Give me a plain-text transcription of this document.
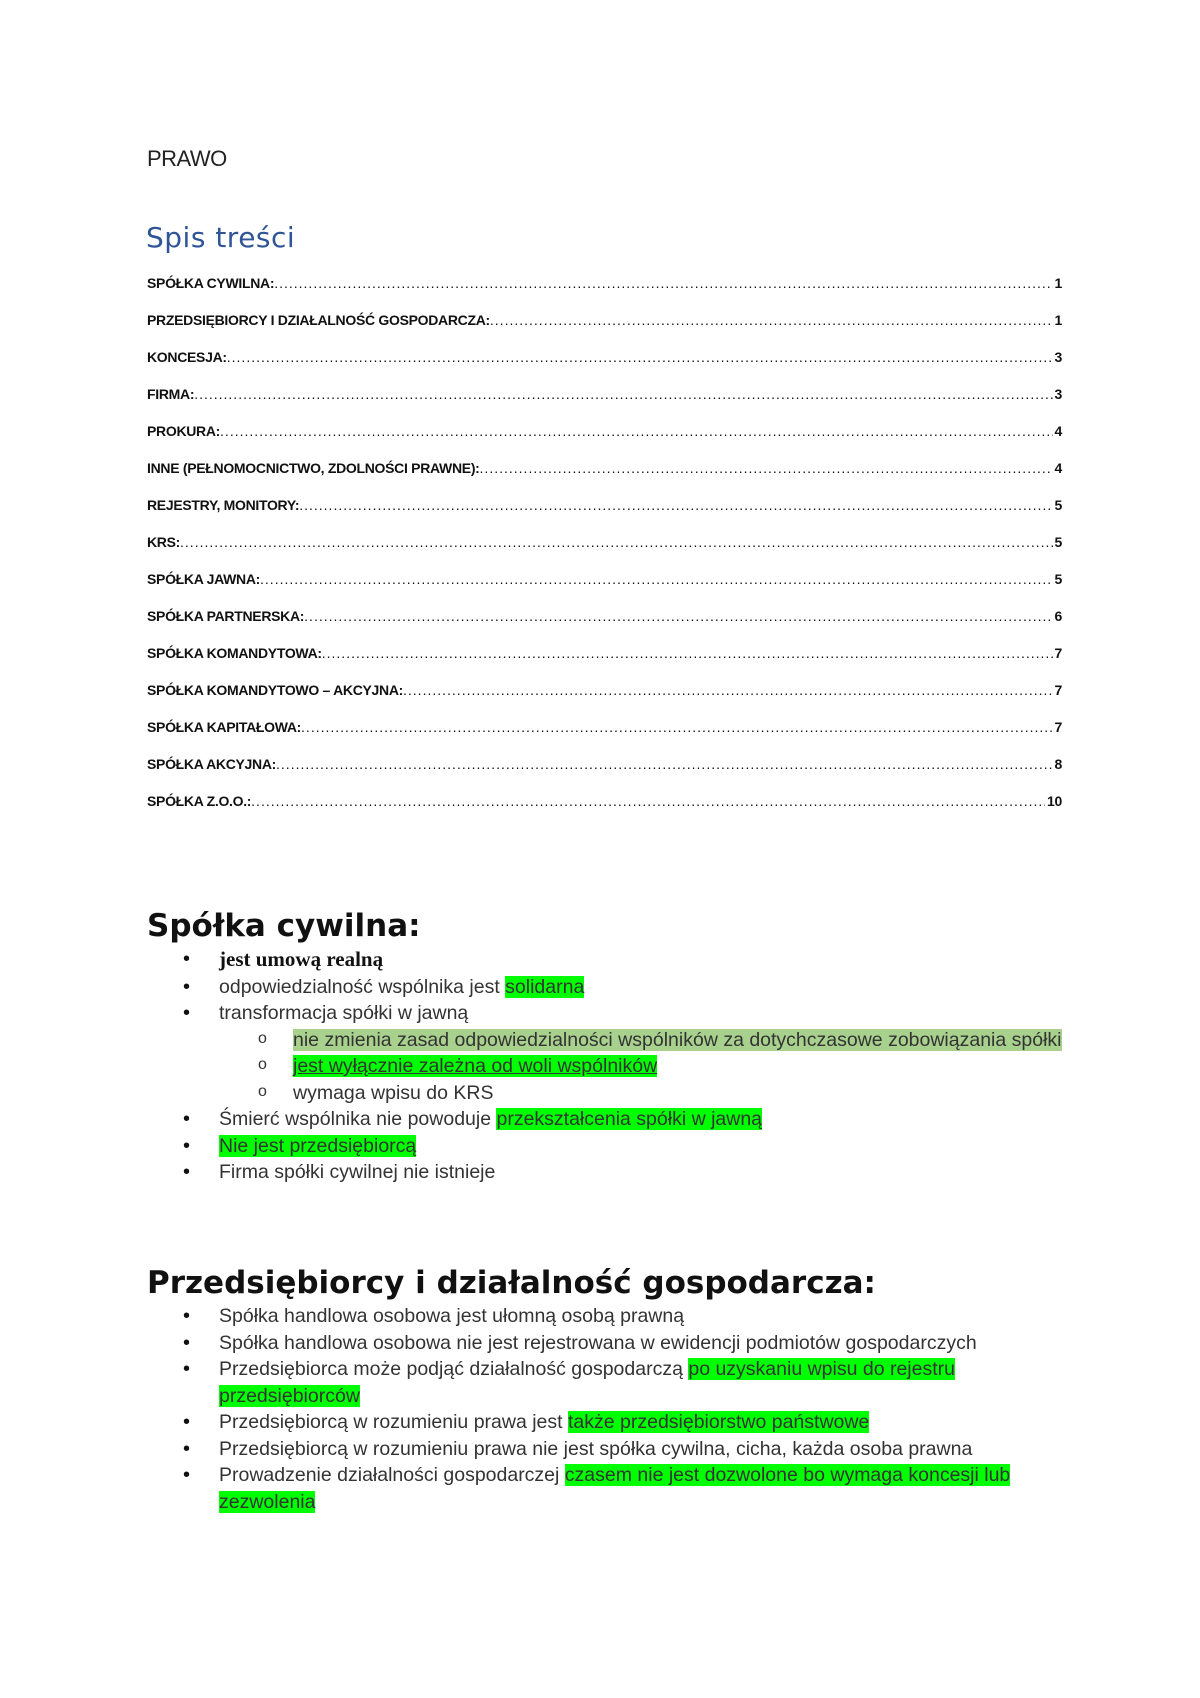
PRAWO
Spis treści
SPÓŁKA CYWILNA: .....	1
PRZEDSIĘBIORCY I DZIAŁALNOŚĆ GOSPODARCZA: .....	1
KONCESJA: .....	3
FIRMA: .....	3
PROKURA: .....	4
INNE (PEŁNOMOCNICTWO, ZDOLNOŚCI PRAWNE): .....	4
REJESTRY, MONITORY: .....	5
KRS: .....	5
SPÓŁKA JAWNA: .....	5
SPÓŁKA PARTNERSKA: .....	6
SPÓŁKA KOMANDYTOWA: .....	7
SPÓŁKA KOMANDYTOWO – AKCYJNA: .....	7
SPÓŁKA KAPITAŁOWA: .....	7
SPÓŁKA AKCYJNA: .....	8
SPÓŁKA Z.O.O.: .....	10
Spółka cywilna:
• jest umową realną
• odpowiedzialność wspólnika jest solidarna
• transformacja spółki w jawną
o nie zmienia zasad odpowiedzialności wspólników za dotychczasowe zobowiązania spółki
o jest wyłącznie zależna od woli wspólników
o wymaga wpisu do KRS
• Śmierć wspólnika nie powoduje przekształcenia spółki w jawną
• Nie jest przedsiębiorcą
• Firma spółki cywilnej nie istnieje
Przedsiębiorcy i działalność gospodarcza:
• Spółka handlowa osobowa jest ułomną osobą prawną
• Spółka handlowa osobowa nie jest rejestrowana w ewidencji podmiotów gospodarczych
• Przedsiębiorca może podjąć działalność gospodarczą po uzyskaniu wpisu do rejestru przedsiębiorców
• Przedsiębiorcą w rozumieniu prawa jest także przedsiębiorstwo państwowe
• Przedsiębiorcą w rozumieniu prawa nie jest spółka cywilna, cicha, każda osoba prawna
• Prowadzenie działalności gospodarczej czasem nie jest dozwolone bo wymaga koncesji lub zezwolenia
